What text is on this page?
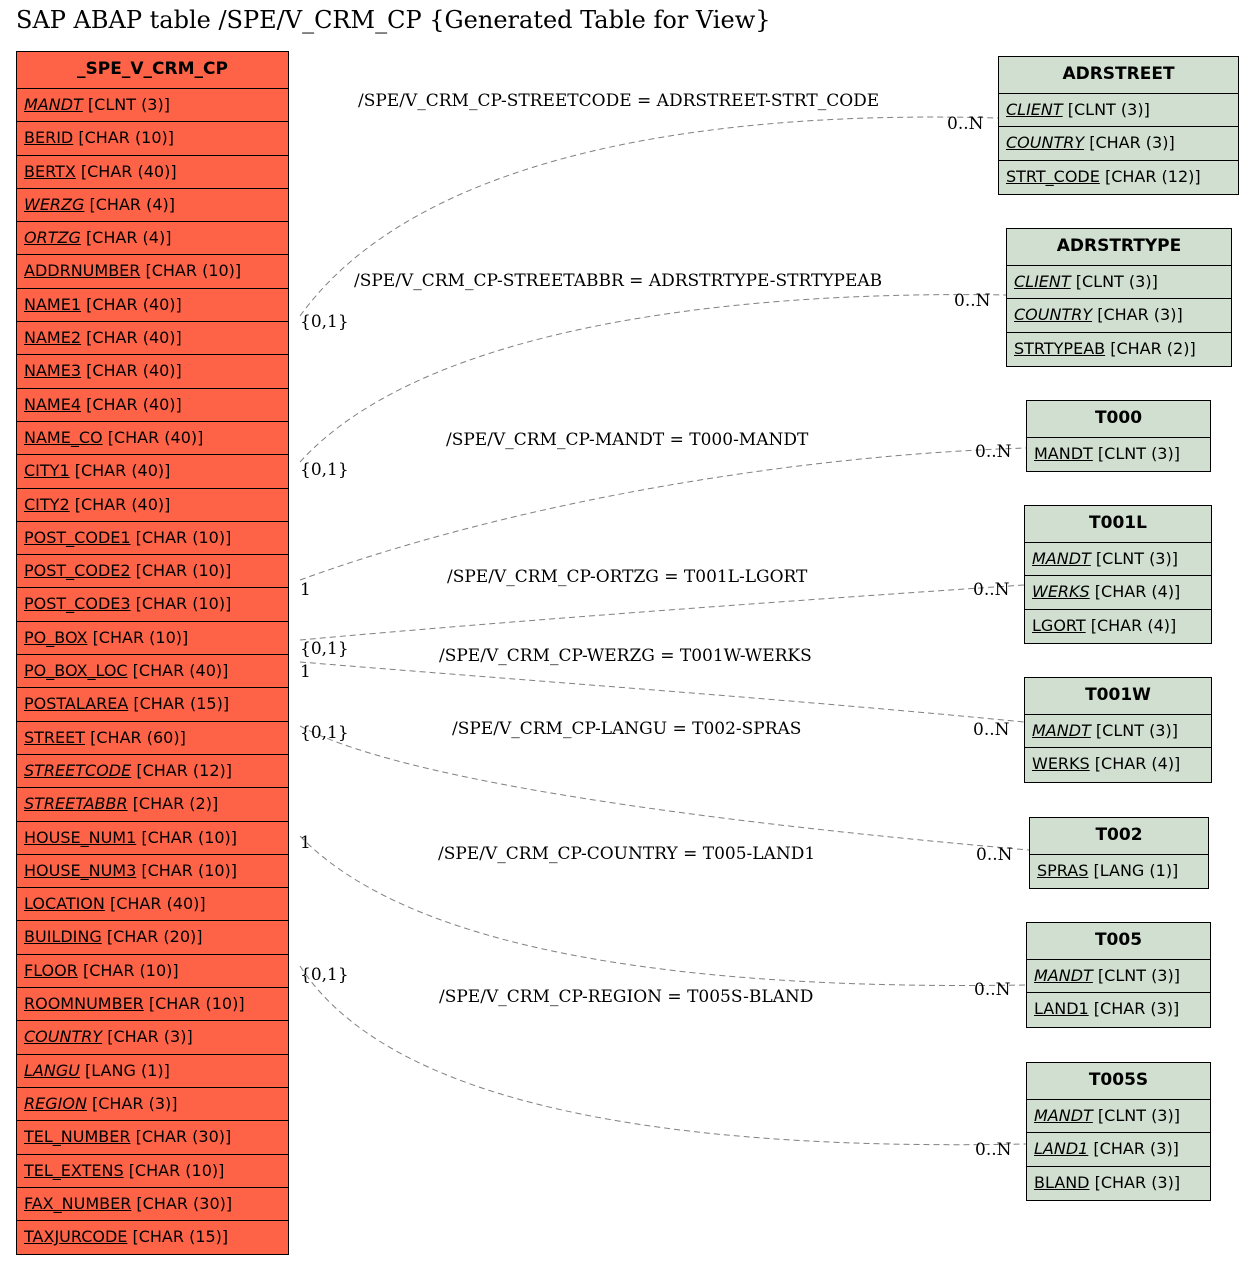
SAP ABAP table /SPE/V_CRM_CP {Generated Table for View}
/SPE/V_CRM_CP-STREETCODE = ADRSTREET-STRT_CODE
/SPE/V_CRM_CP-STREETABBR = ADRSTRTYPE-STRTYPEAB
/SPE/V_CRM_CP-MANDT = T000-MANDT
/SPE/V_CRM_CP-ORTZG = T001L-LGORT
/SPE/V_CRM_CP-WERZG = T001W-WERKS
/SPE/V_CRM_CP-LANGU = T002-SPRAS
/SPE/V_CRM_CP-COUNTRY = T005-LAND1
/SPE/V_CRM_CP-REGION = T005S-BLAND
{0,1}
{0,1}
1
{0,1}
1
{0,1}
1
{0,1}
0..N
0..N
0..N
0..N
0..N
0..N
0..N
0..N
_SPE_V_CRM_CP
MANDT [CLNT (3)]
BERID [CHAR (10)]
BERTX [CHAR (40)]
WERZG [CHAR (4)]
ORTZG [CHAR (4)]
ADDRNUMBER [CHAR (10)]
NAME1 [CHAR (40)]
NAME2 [CHAR (40)]
NAME3 [CHAR (40)]
NAME4 [CHAR (40)]
NAME_CO [CHAR (40)]
CITY1 [CHAR (40)]
CITY2 [CHAR (40)]
POST_CODE1 [CHAR (10)]
POST_CODE2 [CHAR (10)]
POST_CODE3 [CHAR (10)]
PO_BOX [CHAR (10)]
PO_BOX_LOC [CHAR (40)]
POSTALAREA [CHAR (15)]
STREET [CHAR (60)]
STREETCODE [CHAR (12)]
STREETABBR [CHAR (2)]
HOUSE_NUM1 [CHAR (10)]
HOUSE_NUM3 [CHAR (10)]
LOCATION [CHAR (40)]
BUILDING [CHAR (20)]
FLOOR [CHAR (10)]
ROOMNUMBER [CHAR (10)]
COUNTRY [CHAR (3)]
LANGU [LANG (1)]
REGION [CHAR (3)]
TEL_NUMBER [CHAR (30)]
TEL_EXTENS [CHAR (10)]
FAX_NUMBER [CHAR (30)]
TAXJURCODE [CHAR (15)]
ADRSTREET
CLIENT [CLNT (3)]
COUNTRY [CHAR (3)]
STRT_CODE [CHAR (12)]
ADRSTRTYPE
CLIENT [CLNT (3)]
COUNTRY [CHAR (3)]
STRTYPEAB [CHAR (2)]
T000
MANDT [CLNT (3)]
T001L
MANDT [CLNT (3)]
WERKS [CHAR (4)]
LGORT [CHAR (4)]
T001W
MANDT [CLNT (3)]
WERKS [CHAR (4)]
T002
SPRAS [LANG (1)]
T005
MANDT [CLNT (3)]
LAND1 [CHAR (3)]
T005S
MANDT [CLNT (3)]
LAND1 [CHAR (3)]
BLAND [CHAR (3)]
